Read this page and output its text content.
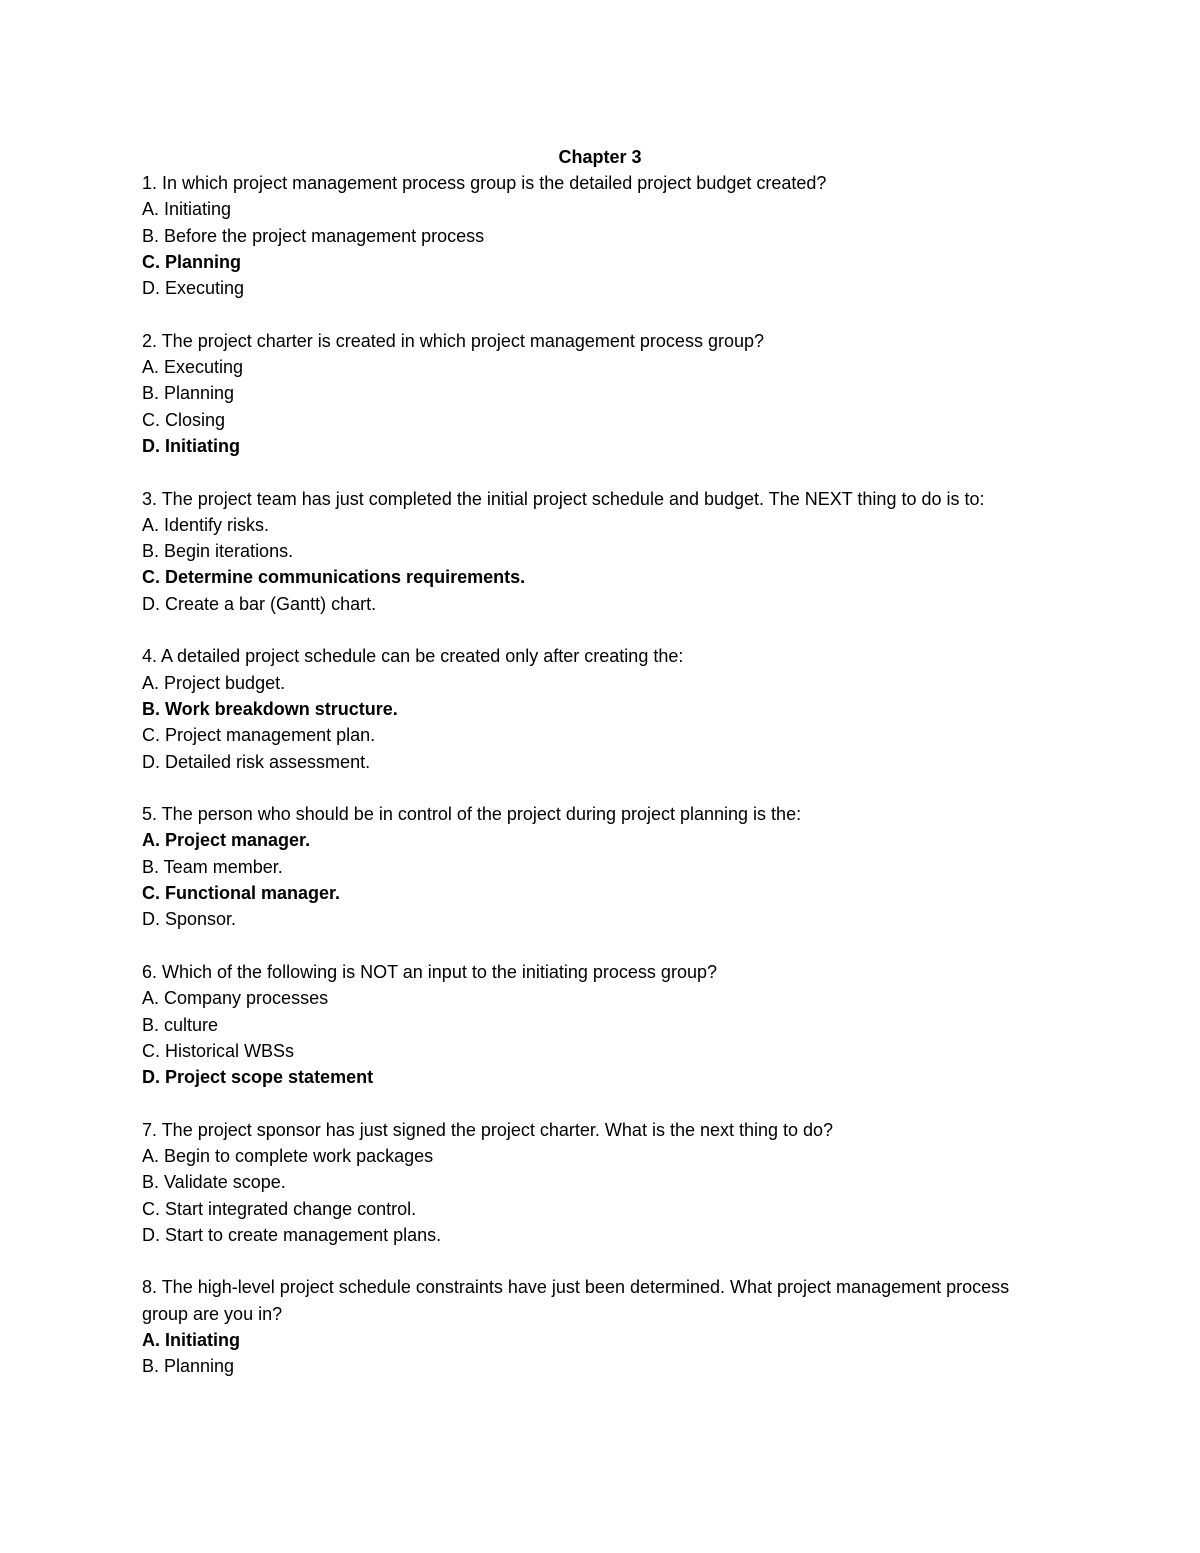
Chapter 3
1. In which project management process group is the detailed project budget created?
A. Initiating
B. Before the project management process
C. Planning
D. Executing
2. The project charter is created in which project management process group?
A. Executing
B. Planning
C. Closing
D. Initiating
3. The project team has just completed the initial project schedule and budget. The NEXT thing to do is to:
A. Identify risks.
B. Begin iterations.
C. Determine communications requirements.
D. Create a bar (Gantt) chart.
4. A detailed project schedule can be created only after creating the:
A. Project budget.
B. Work breakdown structure.
C. Project management plan.
D. Detailed risk assessment.
5. The person who should be in control of the project during project planning is the:
A. Project manager.
B. Team member.
C. Functional manager.
D. Sponsor.
6. Which of the following is NOT an input to the initiating process group?
A. Company processes
B. culture
C. Historical WBSs
D. Project scope statement
7. The project sponsor has just signed the project charter. What is the next thing to do?
A. Begin to complete work packages
B. Validate scope.
C. Start integrated change control.
D. Start to create management plans.
8. The high-level project schedule constraints have just been determined. What project management process group are you in?
A. Initiating
B. Planning
